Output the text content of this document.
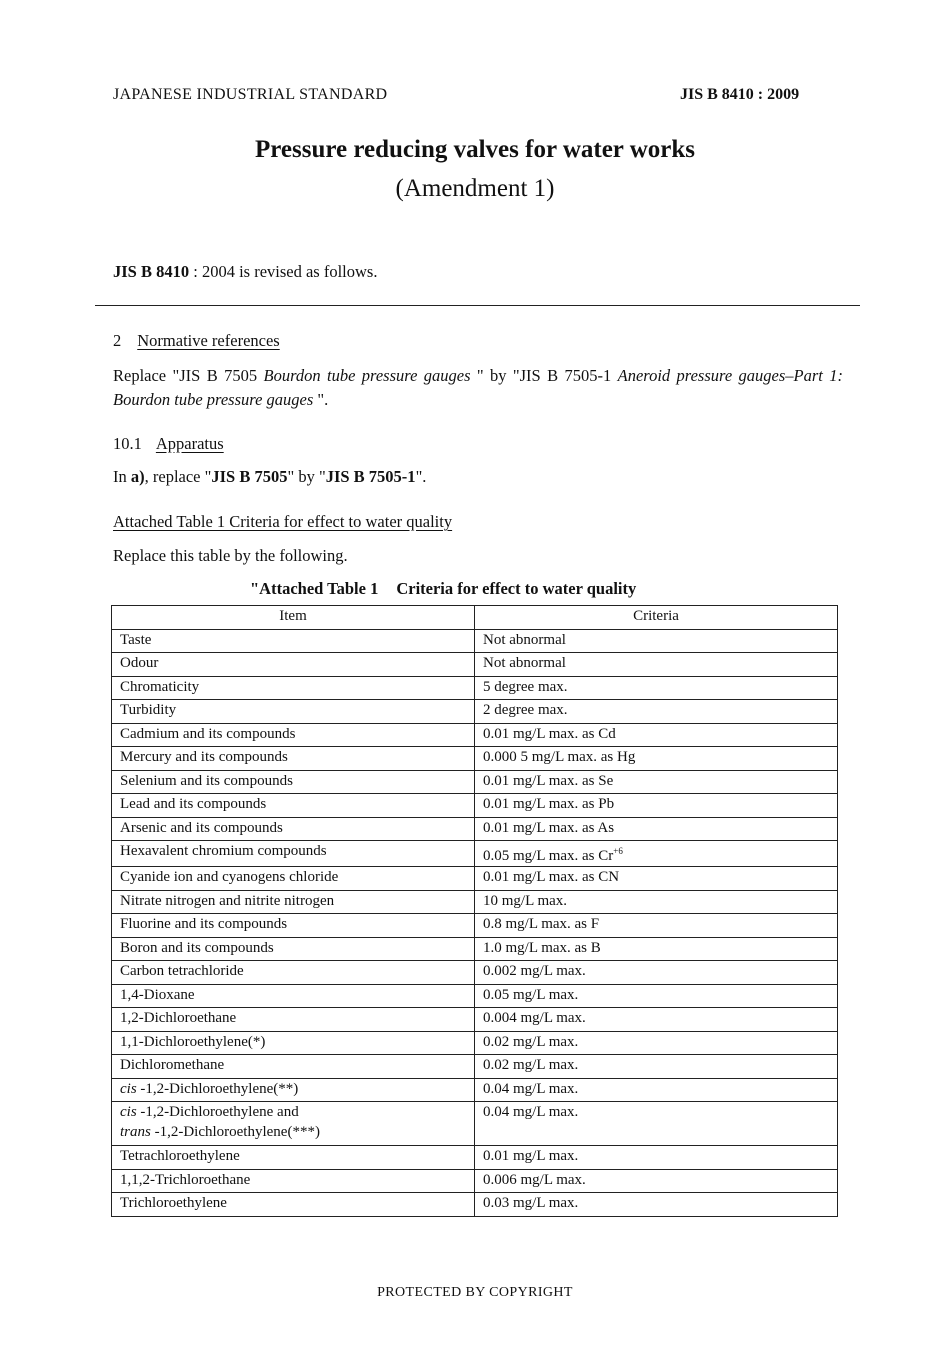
JAPANESE INDUSTRIAL STANDARD	JIS B 8410 : 2009
Pressure reducing valves for water works
(Amendment 1)
JIS B 8410 : 2004 is revised as follows.
2 Normative references
Replace "JIS B 7505 Bourdon tube pressure gauges " by "JIS B 7505-1 Aneroid pressure gauges–Part 1: Bourdon tube pressure gauges ".
10.1 Apparatus
In a), replace "JIS B 7505" by "JIS B 7505-1".
Attached Table 1 Criteria for effect to water quality
Replace this table by the following.
"Attached Table 1 Criteria for effect to water quality
Item	Criteria
Taste	Not abnormal
Odour	Not abnormal
Chromaticity	5 degree max.
Turbidity	2 degree max.
Cadmium and its compounds	0.01 mg/L max. as Cd
Mercury and its compounds	0.000 5 mg/L max. as Hg
Selenium and its compounds	0.01 mg/L max. as Se
Lead and its compounds	0.01 mg/L max. as Pb
Arsenic and its compounds	0.01 mg/L max. as As
Hexavalent chromium compounds	0.05 mg/L max. as $Cr^{+6}$
Cyanide ion and cyanogens chloride	0.01 mg/L max. as CN
Nitrate nitrogen and nitrite nitrogen	10 mg/L max.
Fluorine and its compounds	0.8 mg/L max. as F
Boron and its compounds	1.0 mg/L max. as B
Carbon tetrachloride	0.002 mg/L max.
1,4-Dioxane	0.05 mg/L max.
1,2-Dichloroethane	0.004 mg/L max.
1,1-Dichloroethylene(*)	0.02 mg/L max.
Dichloromethane	0.02 mg/L max.
cis -1,2-Dichloroethylene(**)	0.04 mg/L max.
cis -1,2-Dichloroethylene and
trans -1,2-Dichloroethylene(***)	0.04 mg/L max.
Tetrachloroethylene	0.01 mg/L max.
1,1,2-Trichloroethane	0.006 mg/L max.
Trichloroethylene	0.03 mg/L max.
PROTECTED BY COPYRIGHT
